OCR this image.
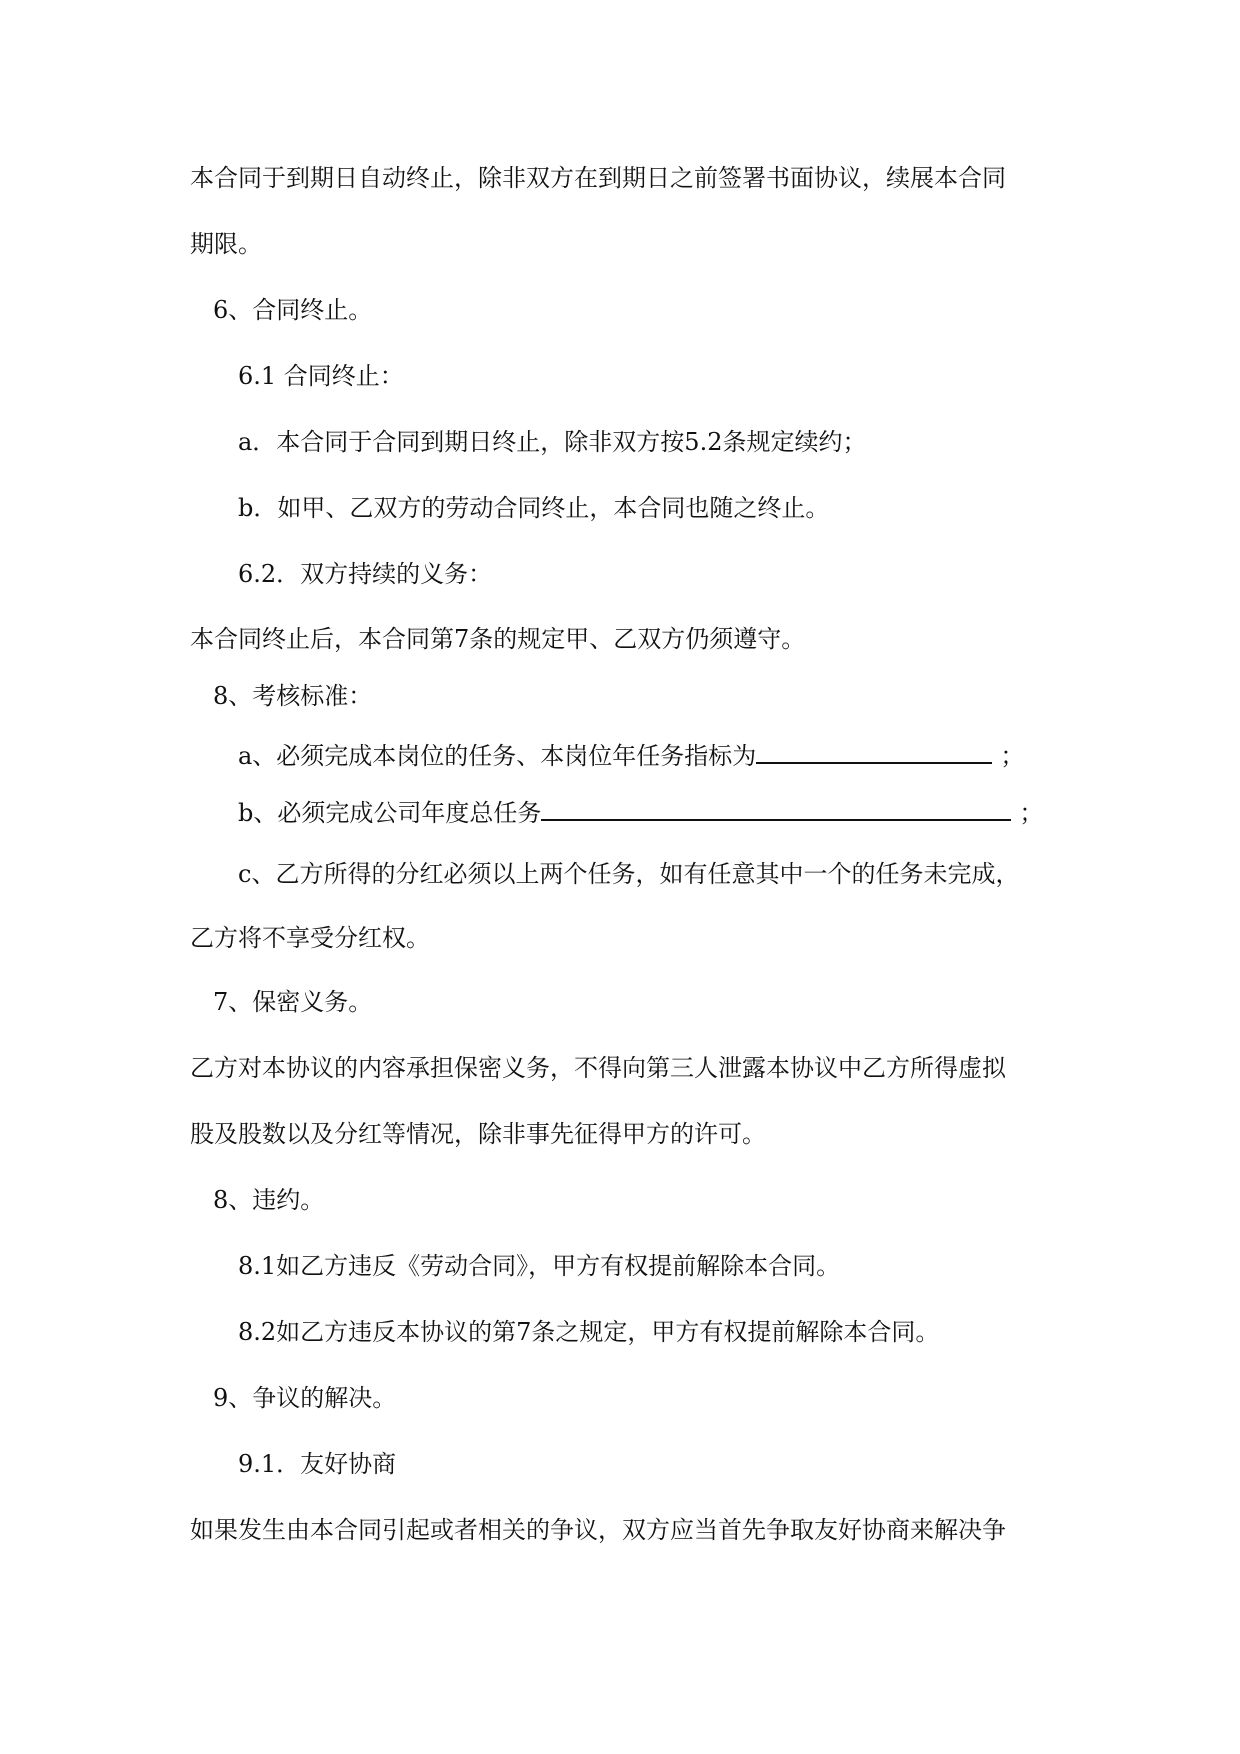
本合同于到期日自动终止，除非双方在到期日之前签署书面协议，续展本合同
期限。
6、合同终止。
6.1 合同终止：
a．本合同于合同到期日终止，除非双方按5.2条规定续约；
b．如甲、乙双方的劳动合同终止，本合同也随之终止。
6.2．双方持续的义务：
本合同终止后，本合同第7条的规定甲、乙双方仍须遵守。
8、考核标准：
a、必须完成本岗位的任务、本岗位年任务指标为	；
b、必须完成公司年度总任务	；
c、乙方所得的分红必须以上两个任务，如有任意其中一个的任务未完成，
乙方将不享受分红权。
7、保密义务。
乙方对本协议的内容承担保密义务，不得向第三人泄露本协议中乙方所得虚拟
股及股数以及分红等情况，除非事先征得甲方的许可。
8、违约。
8.1如乙方违反《劳动合同》，甲方有权提前解除本合同。
8.2如乙方违反本协议的第7条之规定，甲方有权提前解除本合同。
9、争议的解决。
9.1．友好协商
如果发生由本合同引起或者相关的争议，双方应当首先争取友好协商来解决争
